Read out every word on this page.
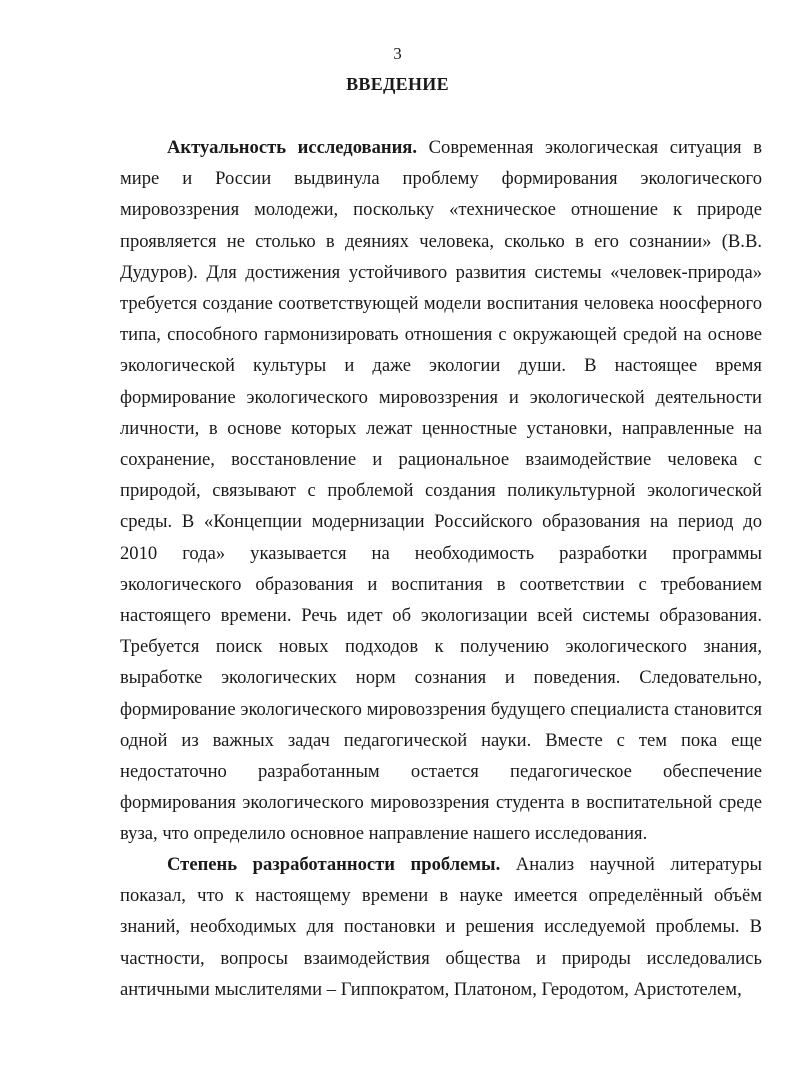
3
ВВЕДЕНИЕ

Актуальность исследования. Современная экологическая ситуация в мире и России выдвинула проблему формирования экологического мировоззрения молодежи, поскольку «техническое отношение к природе проявляется не столько в деяниях человека, сколько в его сознании» (В.В. Дудуров). Для достижения устойчивого развития системы «человек-природа» требуется создание соответствующей модели воспитания человека ноосферного типа, способного гармонизировать отношения с окружающей средой на основе экологической культуры и даже экологии души. В настоящее время формирование экологического мировоззрения и экологической деятельности личности, в основе которых лежат ценностные установки, направленные на сохранение, восстановление и рациональное взаимодействие человека с природой, связывают с проблемой создания поликультурной экологической среды. В «Концепции модернизации Российского образования на период до 2010 года» указывается на необходимость разработки программы экологического образования и воспитания в соответствии с требованием настоящего времени. Речь идет об экологизации всей системы образования. Требуется поиск новых подходов к получению экологического знания, выработке экологических норм сознания и поведения. Следовательно, формирование экологического мировоззрения будущего специалиста становится одной из важных задач педагогической науки. Вместе с тем пока еще недостаточно разработанным остается педагогическое обеспечение формирования экологического мировоззрения студента в воспитательной среде вуза, что определило основное направление нашего исследования.

Степень разработанности проблемы. Анализ научной литературы показал, что к настоящему времени в науке имеется определённый объём знаний, необходимых для постановки и решения исследуемой проблемы. В частности, вопросы взаимодействия общества и природы исследовались античными мыслителями – Гиппократом, Платоном, Геродотом, Аристотелем,
